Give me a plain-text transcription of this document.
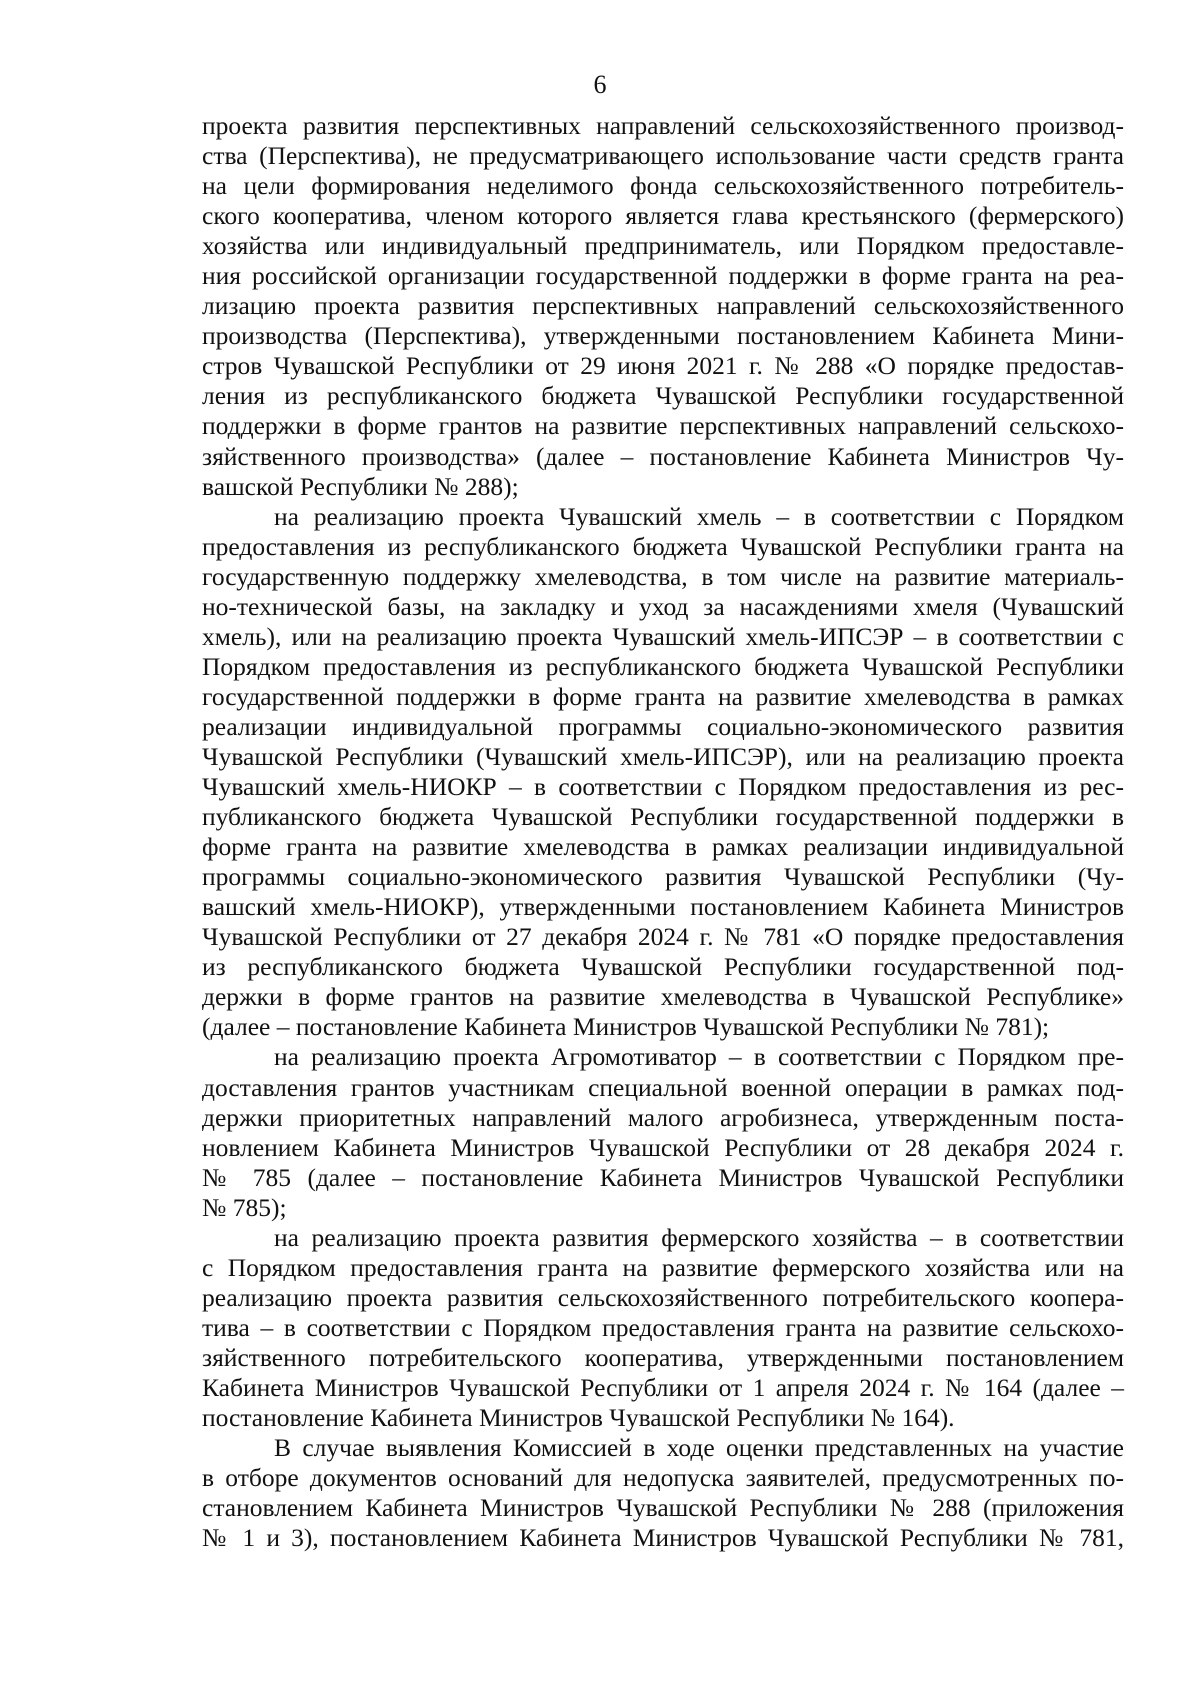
6
проекта развития перспективных направлений сельскохозяйственного производ-
ства (Перспектива), не предусматривающего использование части средств гранта
на цели формирования неделимого фонда сельскохозяйственного потребитель-
ского кооператива, членом которого является глава крестьянского (фермерского)
хозяйства или индивидуальный предприниматель, или Порядком предоставле-
ния российской организации государственной поддержки в форме гранта на реа-
лизацию проекта развития перспективных направлений сельскохозяйственного
производства (Перспектива), утвержденными постановлением Кабинета Мини-
стров Чувашской Республики от 29 июня 2021 г. № 288 «О порядке предостав-
ления из республиканского бюджета Чувашской Республики государственной
поддержки в форме грантов на развитие перспективных направлений сельскохо-
зяйственного производства» (далее – постановление Кабинета Министров Чу-
вашской Республики № 288);
на реализацию проекта Чувашский хмель – в соответствии с Порядком
предоставления из республиканского бюджета Чувашской Республики гранта на
государственную поддержку хмелеводства, в том числе на развитие материаль-
но-технической базы, на закладку и уход за насаждениями хмеля (Чувашский
хмель), или на реализацию проекта Чувашский хмель-ИПСЭР – в соответствии с
Порядком предоставления из республиканского бюджета Чувашской Республики
государственной поддержки в форме гранта на развитие хмелеводства в рамках
реализации индивидуальной программы социально-экономического развития
Чувашской Республики (Чувашский хмель-ИПСЭР), или на реализацию проекта
Чувашский хмель-НИОКР – в соответствии с Порядком предоставления из рес-
публиканского бюджета Чувашской Республики государственной поддержки в
форме гранта на развитие хмелеводства в рамках реализации индивидуальной
программы социально-экономического развития Чувашской Республики (Чу-
вашский хмель-НИОКР), утвержденными постановлением Кабинета Министров
Чувашской Республики от 27 декабря 2024 г. № 781 «О порядке предоставления
из республиканского бюджета Чувашской Республики государственной под-
держки в форме грантов на развитие хмелеводства в Чувашской Республике»
(далее – постановление Кабинета Министров Чувашской Республики № 781);
на реализацию проекта Агромотиватор – в соответствии с Порядком пре-
доставления грантов участникам специальной военной операции в рамках под-
держки приоритетных направлений малого агробизнеса, утвержденным поста-
новлением Кабинета Министров Чувашской Республики от 28 декабря 2024 г.
№ 785 (далее – постановление Кабинета Министров Чувашской Республики
№ 785);
на реализацию проекта развития фермерского хозяйства – в соответствии
с Порядком предоставления гранта на развитие фермерского хозяйства или на
реализацию проекта развития сельскохозяйственного потребительского коопера-
тива – в соответствии с Порядком предоставления гранта на развитие сельскохо-
зяйственного потребительского кооператива, утвержденными постановлением
Кабинета Министров Чувашской Республики от 1 апреля 2024 г. № 164 (далее –
постановление Кабинета Министров Чувашской Республики № 164).
В случае выявления Комиссией в ходе оценки представленных на участие
в отборе документов оснований для недопуска заявителей, предусмотренных по-
становлением Кабинета Министров Чувашской Республики № 288 (приложения
№ 1 и 3), постановлением Кабинета Министров Чувашской Республики № 781,
